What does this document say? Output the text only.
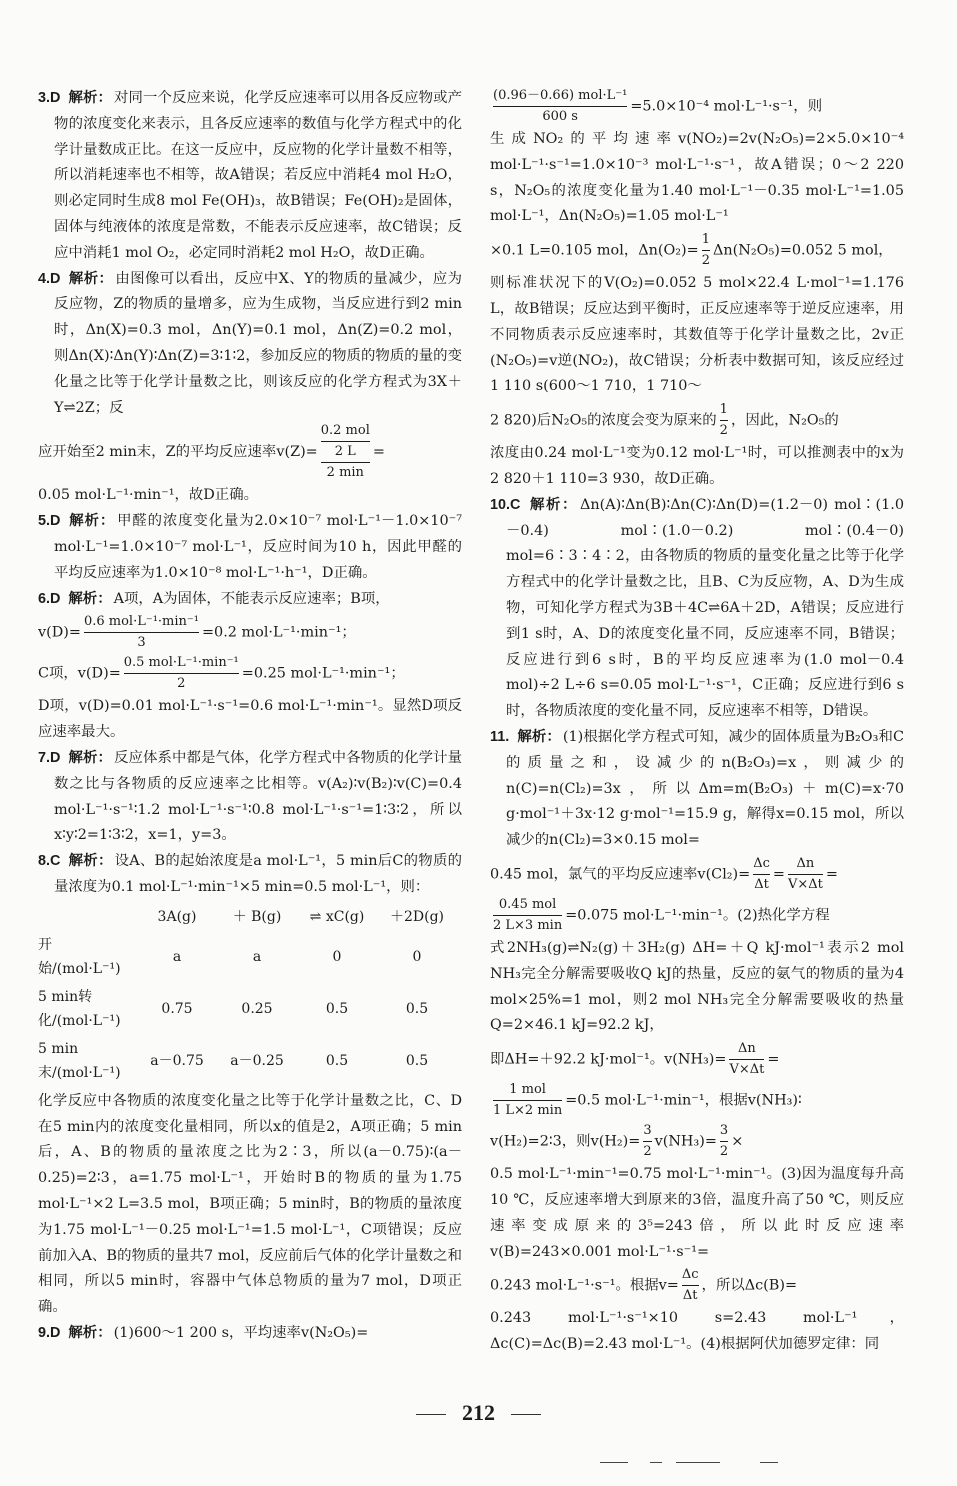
3.D 解析： 对同一个反应来说，化学反应速率可以用各反应物或产物的浓度变化来表示，且各反应速率的数值与化学方程式中的化学计量数成正比。在这一反应中，反应物的化学计量数不相等，所以消耗速率也不相等，故A错误；若反应中消耗4 mol H₂O，则必定同时生成8 mol Fe(OH)₃，故B错误；Fe(OH)₂是固体，固体与纯液体的浓度是常数，不能表示反应速率，故C错误；反应中消耗1 mol O₂，必定同时消耗2 mol H₂O，故D正确。

4.D 解析： 由图像可以看出，反应中X、Y的物质的量减少，应为反应物，Z的物质的量增多，应为生成物，当反应进行到2 min时，Δn(X)=0.3 mol，Δn(Y)=0.1 mol，Δn(Z)=0.2 mol，则Δn(X)∶Δn(Y)∶Δn(Z)=3∶1∶2，参加反应的物质的物质的量的变化量之比等于化学计量数之比，则该反应的化学方程式为3X＋Y⇌2Z；反

应开始至2 min末，Z的平均反应速率v(Z)=
0.2 mol
2 L
2 min
=

0.05 mol·L⁻¹·min⁻¹，故D正确。

5.D 解析： 甲醛的浓度变化量为2.0×10⁻⁷ mol·L⁻¹－1.0×10⁻⁷ mol·L⁻¹=1.0×10⁻⁷ mol·L⁻¹，反应时间为10 h，因此甲醛的平均反应速率为1.0×10⁻⁸ mol·L⁻¹·h⁻¹，D正确。

6.D 解析： A项，A为固体，不能表示反应速率；B项，

$v(D)= \frac{\text{0.6 mol·L⁻¹·min⁻¹}}{3} =0.2$ mol·L⁻¹·min⁻¹；

C项，$v(D)= \frac{\text{0.5 mol·L⁻¹·min⁻¹}}{2} =0.25$ mol·L⁻¹·min⁻¹；

D项，v(D)=0.01 mol·L⁻¹·s⁻¹=0.6 mol·L⁻¹·min⁻¹。显然D项反应速率最大。

7.D 解析： 反应体系中都是气体，化学方程式中各物质的化学计量数之比与各物质的反应速率之比相等。v(A₂)∶v(B₂)∶v(C)=0.4 mol·L⁻¹·s⁻¹∶1.2 mol·L⁻¹·s⁻¹∶0.8 mol·L⁻¹·s⁻¹=1∶3∶2，所以x∶y∶2=1∶3∶2，x=1，y=3。

8.C 解析： 设A、B的起始浓度是a mol·L⁻¹，5 min后C的物质的量浓度为0.1 mol·L⁻¹·min⁻¹×5 min=0.5 mol·L⁻¹，则：

	3A(g)	＋ B(g)	⇌ xC(g)	＋2D(g)
开始/(mol·L⁻¹)	a	a	0	0
5 min转化/(mol·L⁻¹)	0.75	0.25	0.5	0.5
5 min末/(mol·L⁻¹)	a－0.75	a－0.25	0.5	0.5

化学反应中各物质的浓度变化量之比等于化学计量数之比，C、D在5 min内的浓度变化量相同，所以x的值是2，A项正确；5 min后，A、B的物质的量浓度之比为2∶3，所以(a－0.75)∶(a－0.25)=2∶3，a=1.75 mol·L⁻¹，开始时B的物质的量为1.75 mol·L⁻¹×2 L=3.5 mol，B项正确；5 min时，B的物质的量浓度为1.75 mol·L⁻¹－0.25 mol·L⁻¹=1.5 mol·L⁻¹，C项错误；反应前加入A、B的物质的量共7 mol，反应前后气体的化学计量数之和相同，所以5 min时，容器中气体总物质的量为7 mol，D项正确。

9.D 解析： (1)600～1 200 s，平均速率v(N₂O₅)=

$\frac{\text{(0.96－0.66) mol·L⁻¹}}{600 s} =5.0\times 10^{-4}$ mol·L⁻¹·s⁻¹，则

生成NO₂的平均速率v(NO₂)=2v(N₂O₅)=2×5.0×10⁻⁴ mol·L⁻¹·s⁻¹=1.0×10⁻³ mol·L⁻¹·s⁻¹，故A错误；0～2 220 s，N₂O₅的浓度变化量为1.40 mol·L⁻¹－0.35 mol·L⁻¹=1.05 mol·L⁻¹，Δn(N₂O₅)=1.05 mol·L⁻¹

×0.1 L=0.105 mol，$\Delta n(O_2)= \frac{1}{2} \Delta n(N_2O_5)=0.052$ 5 mol，

则标准状况下的V(O₂)=0.052 5 mol×22.4 L·mol⁻¹=1.176 L，故B错误；反应达到平衡时，正反应速率等于逆反应速率，用不同物质表示反应速率时，其数值等于化学计量数之比，2v正(N₂O₅)=v逆(NO₂)，故C错误；分析表中数据可知，该反应经过1 110 s(600～1 710，1 710～

2 820)后N₂O₅的浓度会变为原来的 $\frac{1}{2}$ ，因此，N₂O₅的

浓度由0.24 mol·L⁻¹变为0.12 mol·L⁻¹时，可以推测表中的x为2 820＋1 110=3 930，故D正确。

10.C 解析： Δn(A)∶Δn(B)∶Δn(C)∶Δn(D)=(1.2－0) mol∶(1.0－0.4) mol∶(1.0－0.2) mol∶(0.4－0) mol=6∶3∶4∶2，由各物质的物质的量变化量之比等于化学方程式中的化学计量数之比，且B、C为反应物，A、D为生成物，可知化学方程式为3B＋4C⇌6A＋2D，A错误；反应进行到1 s时，A、D的浓度变化量不同，反应速率不同，B错误；反应进行到6 s时，B的平均反应速率为(1.0 mol－0.4 mol)÷2 L÷6 s=0.05 mol·L⁻¹·s⁻¹，C正确；反应进行到6 s时，各物质浓度的变化量不同，反应速率不相等，D错误。

11. 解析： (1)根据化学方程式可知，减少的固体质量为B₂O₃和C的质量之和，设减少的n(B₂O₃)=x，则减少的n(C)=n(Cl₂)=3x，所以Δm=m(B₂O₃)＋m(C)=x·70 g·mol⁻¹＋3x·12 g·mol⁻¹=15.9 g，解得x=0.15 mol，所以减少的n(Cl₂)=3×0.15 mol=

0.45 mol，氯气的平均反应速率$v(Cl_2)= \frac{\Delta c}{\Delta t} = \frac{\Delta n}{V\times\Delta t}$ =

$\frac{\text{0.45 mol}}{2 L\times 3 \min} =0.075$ mol·L⁻¹·min⁻¹。(2)热化学方程

式2NH₃(g)⇌N₂(g)＋3H₂(g) ΔH=＋Q kJ·mol⁻¹表示2 mol NH₃完全分解需要吸收Q kJ的热量，反应的氨气的物质的量为4 mol×25%=1 mol，则2 mol NH₃完全分解需要吸收的热量Q=2×46.1 kJ=92.2 kJ，

即ΔH=＋92.2 kJ·mol⁻¹。$v(NH_3)= \frac{\Delta n}{V\times\Delta t}$ =

$\frac{\text{1 mol}}{1 L\times 2 \min} =0.5$ mol·L⁻¹·min⁻¹，根据v(NH₃)∶

v(H₂)=2∶3，则$v(H_2)= \frac{3}{2} v(NH_3)= \frac{3}{2}$ ×

0.5 mol·L⁻¹·min⁻¹=0.75 mol·L⁻¹·min⁻¹。(3)因为温度每升高10 ℃，反应速率增大到原来的3倍，温度升高了50 ℃，则反应速率变成原来的3⁵=243倍，所以此时反应速率v(B)=243×0.001 mol·L⁻¹·s⁻¹=

0.243 mol·L⁻¹·s⁻¹。根据$v= \frac{\Delta c}{\Delta t}$ ，所以Δc(B)=

0.243 mol·L⁻¹·s⁻¹×10 s=2.43 mol·L⁻¹，Δc(C)=Δc(B)=2.43 mol·L⁻¹。(4)根据阿伏加德罗定律：同

212
